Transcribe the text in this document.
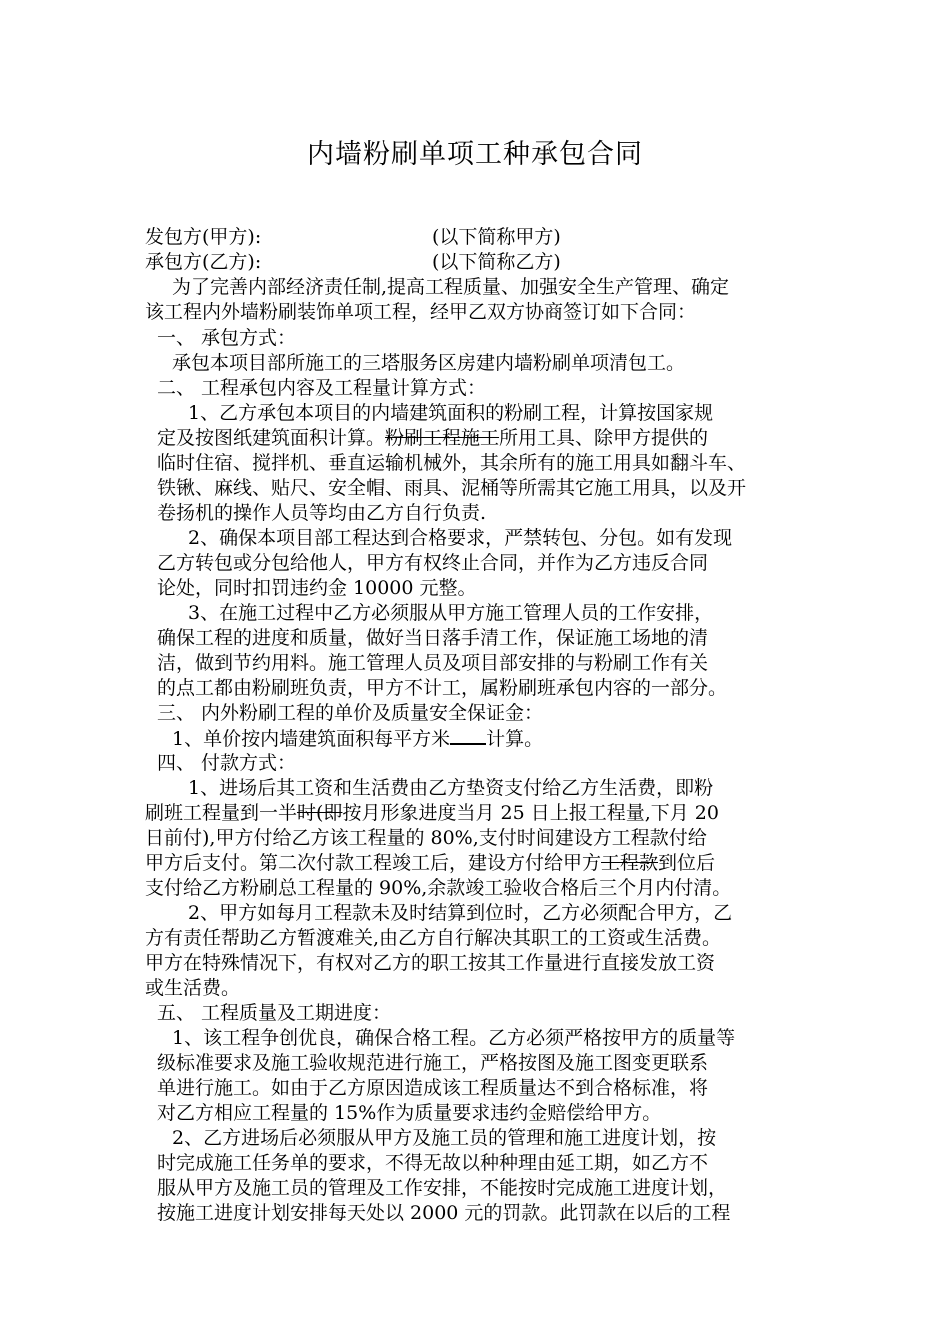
内墙粉刷单项工种承包合同
发包方(甲方):	(以下简称甲方)
承包方(乙方):	(以下简称乙方)
为了完善内部经济责任制,提高工程质量、加强安全生产管理、确定
该工程内外墙粉刷装饰单项工程，经甲乙双方协商签订如下合同：
一、 承包方式：
承包本项目部所施工的三塔服务区房建内墙粉刷单项清包工。
二、 工程承包内容及工程量计算方式：
1、乙方承包本项目的内墙建筑面积的粉刷工程，计算按国家规
定及按图纸建筑面积计算。粉刷工程施工所用工具、除甲方提供的
临时住宿、搅拌机、垂直运输机械外，其余所有的施工用具如翻斗车、
铁锹、麻线、贴尺、安全帽、雨具、泥桶等所需其它施工用具，以及开
卷扬机的操作人员等均由乙方自行负责.
2、确保本项目部工程达到合格要求，严禁转包、分包。如有发现
乙方转包或分包给他人，甲方有权终止合同，并作为乙方违反合同
论处，同时扣罚违约金 10000 元整。
3、在施工过程中乙方必须服从甲方施工管理人员的工作安排，
确保工程的进度和质量，做好当日落手清工作，保证施工场地的清
洁，做到节约用料。施工管理人员及项目部安排的与粉刷工作有关
的点工都由粉刷班负责，甲方不计工，属粉刷班承包内容的一部分。
三、 内外粉刷工程的单价及质量安全保证金：
1、单价按内墙建筑面积每平方米 计算。
四、 付款方式：
1、进场后其工资和生活费由乙方垫资支付给乙方生活费，即粉
刷班工程量到一半时(即按月形象进度当月 25 日上报工程量,下月 20
日前付),甲方付给乙方该工程量的 80%,支付时间建设方工程款付给
甲方后支付。第二次付款工程竣工后，建设方付给甲方工程款到位后
支付给乙方粉刷总工程量的 90%,余款竣工验收合格后三个月内付清。
2、甲方如每月工程款未及时结算到位时，乙方必须配合甲方，乙
方有责任帮助乙方暂渡难关,由乙方自行解决其职工的工资或生活费。
甲方在特殊情况下，有权对乙方的职工按其工作量进行直接发放工资
或生活费。
五、 工程质量及工期进度：
1、该工程争创优良，确保合格工程。乙方必须严格按甲方的质量等
级标准要求及施工验收规范进行施工，严格按图及施工图变更联系
单进行施工。如由于乙方原因造成该工程质量达不到合格标准，将
对乙方相应工程量的 15%作为质量要求违约金赔偿给甲方。
2、乙方进场后必须服从甲方及施工员的管理和施工进度计划，按
时完成施工任务单的要求，不得无故以种种理由延工期，如乙方不
服从甲方及施工员的管理及工作安排，不能按时完成施工进度计划，
按施工进度计划安排每天处以 2000 元的罚款。此罚款在以后的工程
